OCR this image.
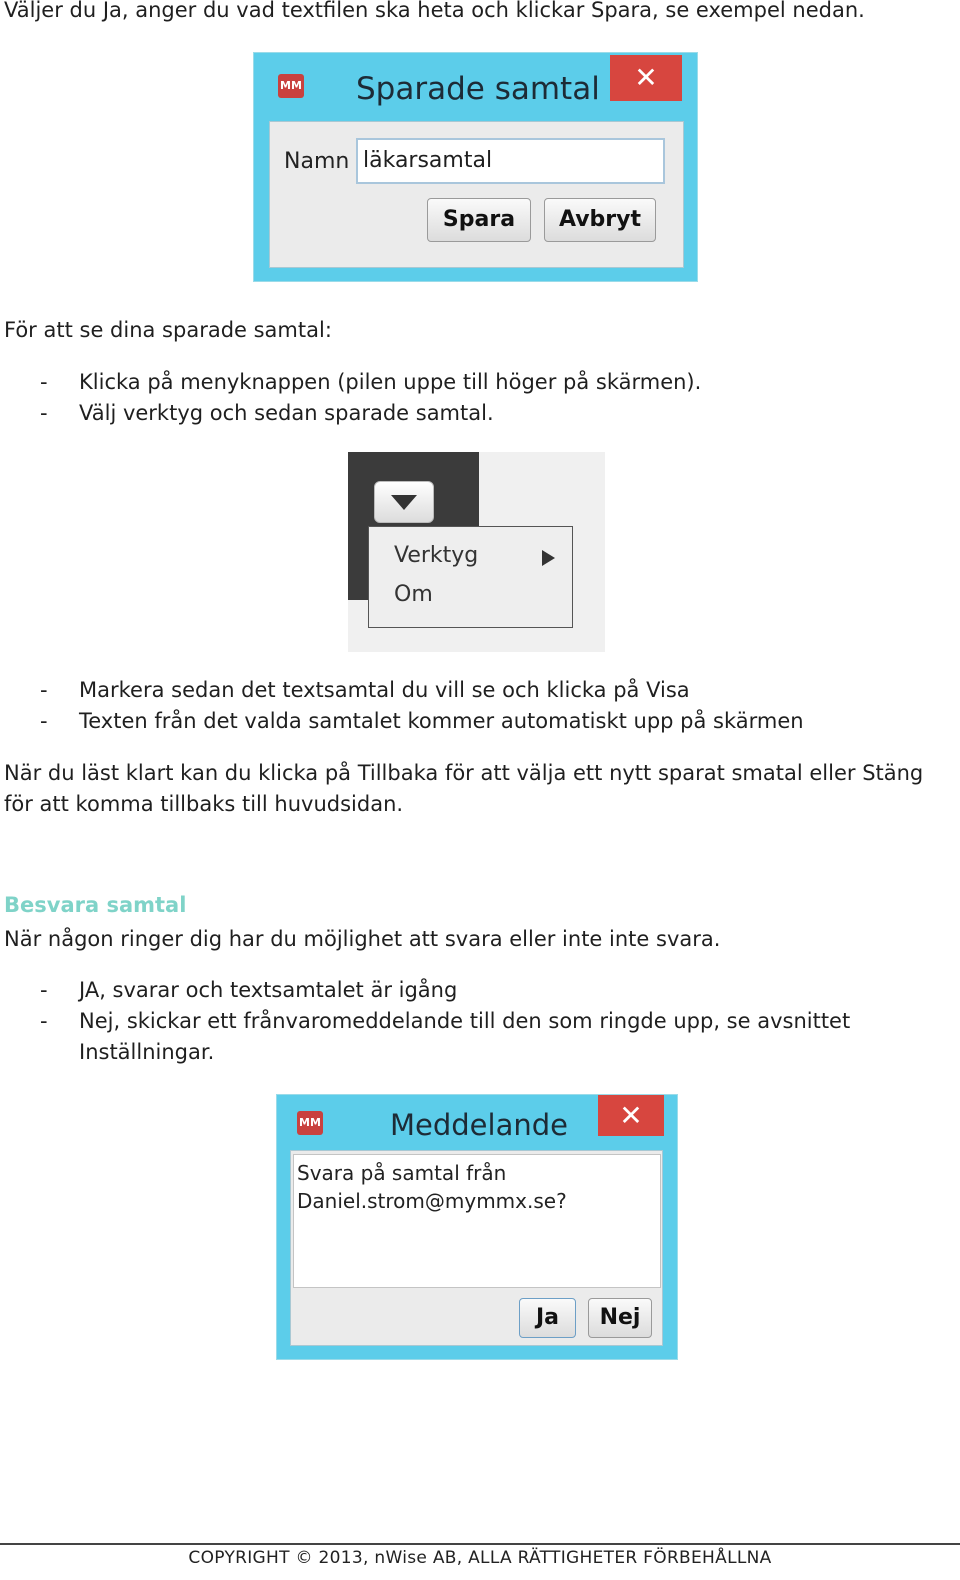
Väljer du Ja, anger du vad textfilen ska heta och klickar Spara, se exempel nedan.

MM Sparade samtal	✕
Namn läkarsamtal
Spara	Avbryt

För att se dina sparade samtal:

- Klicka på menyknappen (pilen uppe till höger på skärmen).
- Välj verktyg och sedan sparade samtal.
Verktyg
Om
- Markera sedan det textsamtal du vill se och klicka på Visa
- Texten från det valda samtalet kommer automatiskt upp på skärmen

När du läst klart kan du klicka på Tillbaka för att välja ett nytt sparat smatal eller Stäng för att komma tillbaks till huvudsidan.

Besvara samtal

När någon ringer dig har du möjlighet att svara eller inte inte svara.

- JA, svarar och textsamtalet är igång
- Nej, skickar ett frånvaromeddelande till den som ringde upp, se avsnittet
Inställningar.
MM Meddelande	✕
Svara på samtal från
Daniel.strom@mymmx.se?
Ja	Nej
COPYRIGHT © 2013, nWise AB, ALLA RÄTTIGHETER FÖRBEHÅLLNA
